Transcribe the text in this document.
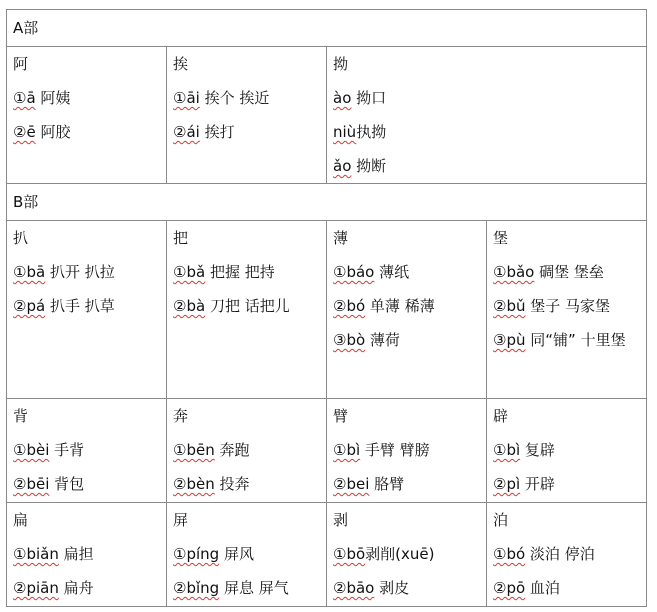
A部			

阿
①ā 阿姨
②ē 阿胶	挨
①āi 挨个 挨近
②ái 挨打	拗
ào 拗口
niù执拗
ǎo 拗断	

B部			

扒
①bā 扒开 扒拉
②pá 扒手 扒草	把
①bǎ 把握 把持
②bà 刀把 话把儿	薄
①báo 薄纸
②bó 单薄 稀薄
③bò 薄荷	堡
①bǎo 碉堡 堡垒
②bǔ 堡子 马家堡
③pù 同“铺” 十里堡

背
①bèi 手背
②bēi 背包	奔
①bēn 奔跑
②bèn 投奔	臂
①bì 手臂 臂膀
②bei 胳臂	辟
①bì 复辟
②pì 开辟

扁
①biǎn 扁担
②piān 扁舟	屏
①píng 屏风
②bǐng 屏息 屏气	剥
①bō剥削(xuē)
②bāo 剥皮	泊
①bó 淡泊 停泊
②pō 血泊
